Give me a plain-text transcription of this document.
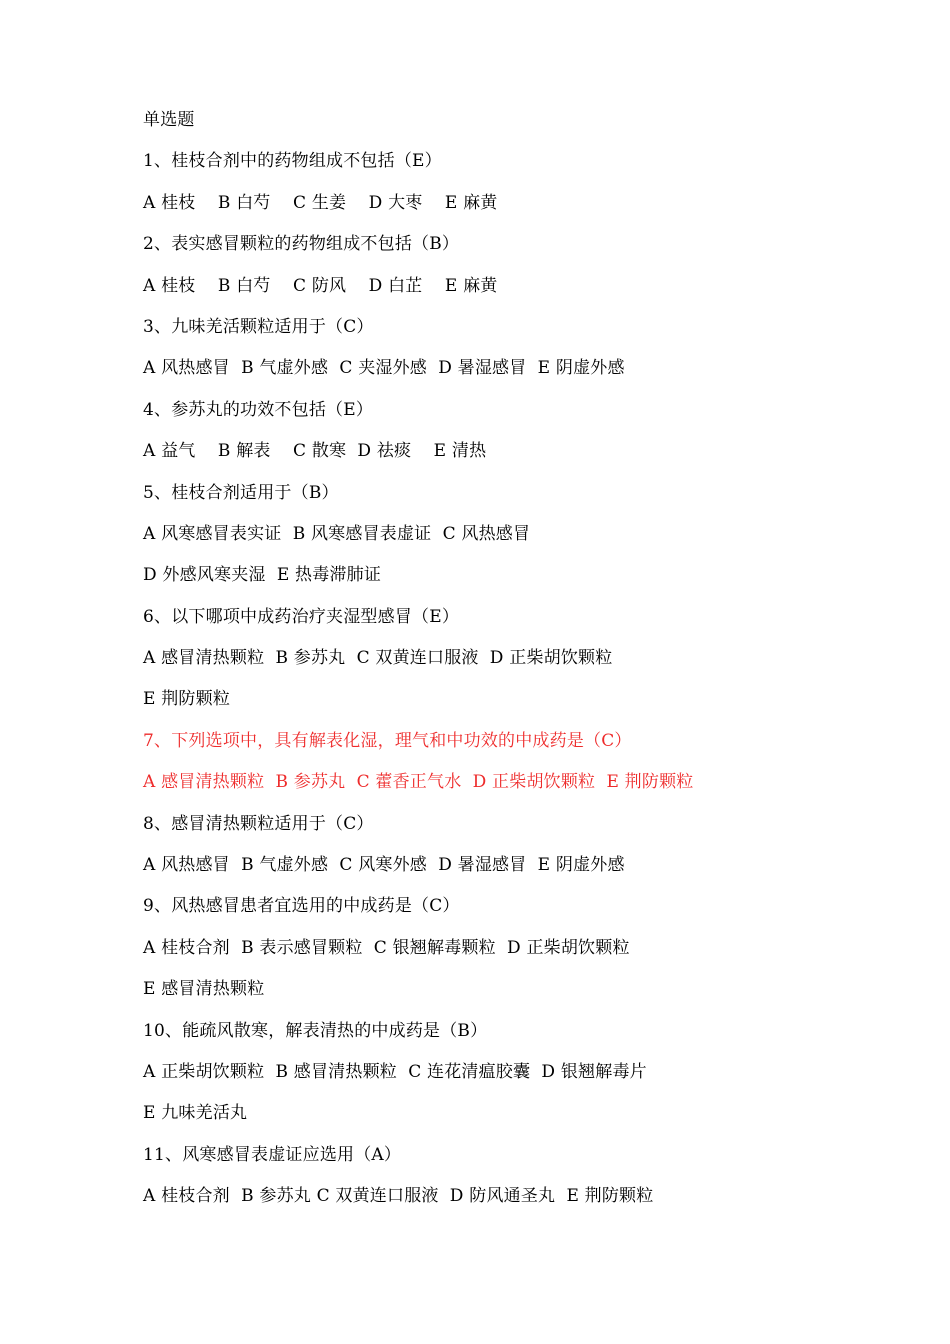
单选题
1、桂枝合剂中的药物组成不包括（E）
A 桂枝    B 白芍    C 生姜    D 大枣    E 麻黄
2、表实感冒颗粒的药物组成不包括（B）
A 桂枝    B 白芍    C 防风    D 白芷    E 麻黄
3、九味羌活颗粒适用于（C）
A 风热感冒  B 气虚外感  C 夹湿外感  D 暑湿感冒  E 阴虚外感
4、参苏丸的功效不包括（E）
A 益气    B 解表    C 散寒  D 祛痰    E 清热
5、桂枝合剂适用于（B）
A 风寒感冒表实证  B 风寒感冒表虚证  C 风热感冒
D 外感风寒夹湿  E 热毒滞肺证
6、以下哪项中成药治疗夹湿型感冒（E）
A 感冒清热颗粒  B 参苏丸  C 双黄连口服液  D 正柴胡饮颗粒
E 荆防颗粒
7、下列选项中，具有解表化湿，理气和中功效的中成药是（C）
A 感冒清热颗粒  B 参苏丸  C 藿香正气水  D 正柴胡饮颗粒  E 荆防颗粒
8、感冒清热颗粒适用于（C）
A 风热感冒  B 气虚外感  C 风寒外感  D 暑湿感冒  E 阴虚外感
9、风热感冒患者宜选用的中成药是（C）
A 桂枝合剂  B 表示感冒颗粒  C 银翘解毒颗粒  D 正柴胡饮颗粒
E 感冒清热颗粒
10、能疏风散寒，解表清热的中成药是（B）
A 正柴胡饮颗粒  B 感冒清热颗粒  C 连花清瘟胶囊  D 银翘解毒片
E 九味羌活丸
11、风寒感冒表虚证应选用（A）
A 桂枝合剂  B 参苏丸 C 双黄连口服液  D 防风通圣丸  E 荆防颗粒
